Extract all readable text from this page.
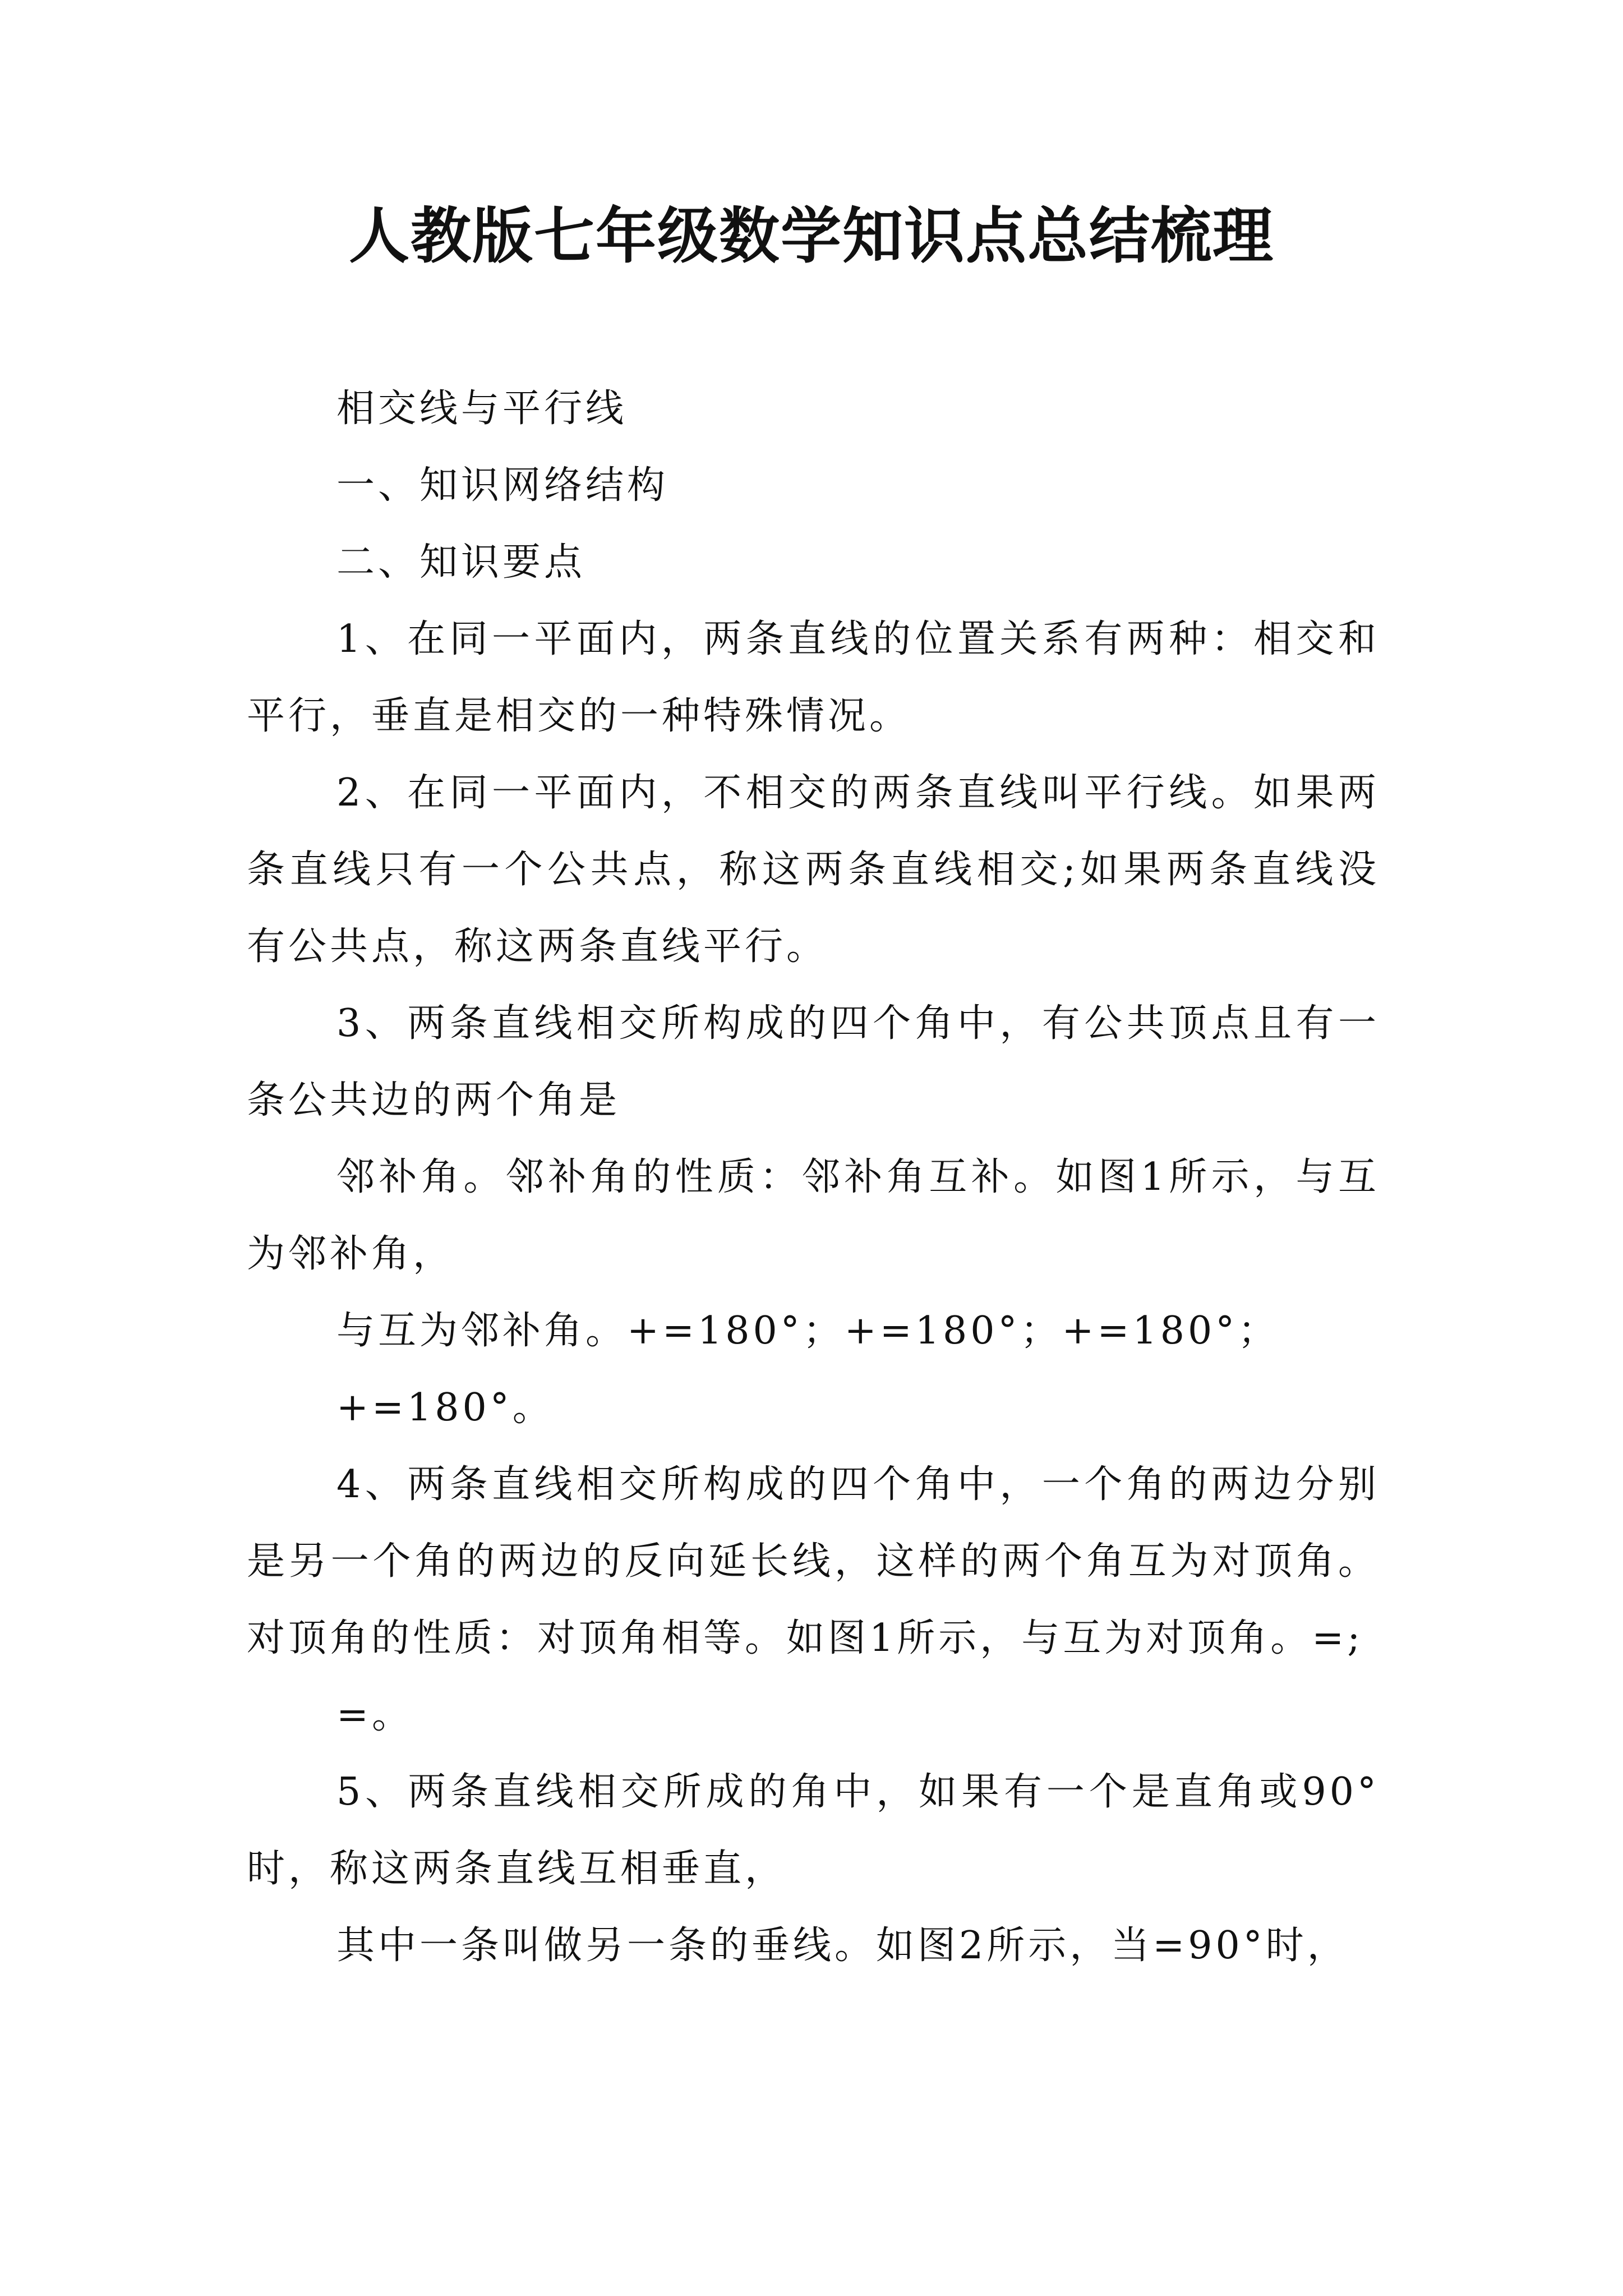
人教版七年级数学知识点总结梳理

相交线与平行线

一、知识网络结构

二、知识要点

1、在同一平面内，两条直线的位置关系有两种：相交和平行，垂直是相交的一种特殊情况。

2、在同一平面内，不相交的两条直线叫平行线。如果两条直线只有一个公共点，称这两条直线相交;如果两条直线没有公共点，称这两条直线平行。

3、两条直线相交所构成的四个角中，有公共顶点且有一条公共边的两个角是

邻补角。邻补角的性质：邻补角互补。如图1所示，与互为邻补角，

与互为邻补角。+=180°；+=180°；+=180°；

+=180°。

4、两条直线相交所构成的四个角中，一个角的两边分别是另一个角的两边的反向延长线，这样的两个角互为对顶角。对顶角的性质：对顶角相等。如图1所示，与互为对顶角。=;

=。

5、两条直线相交所成的角中，如果有一个是直角或90°时，称这两条直线互相垂直，

其中一条叫做另一条的垂线。如图2所示，当=90°时，
